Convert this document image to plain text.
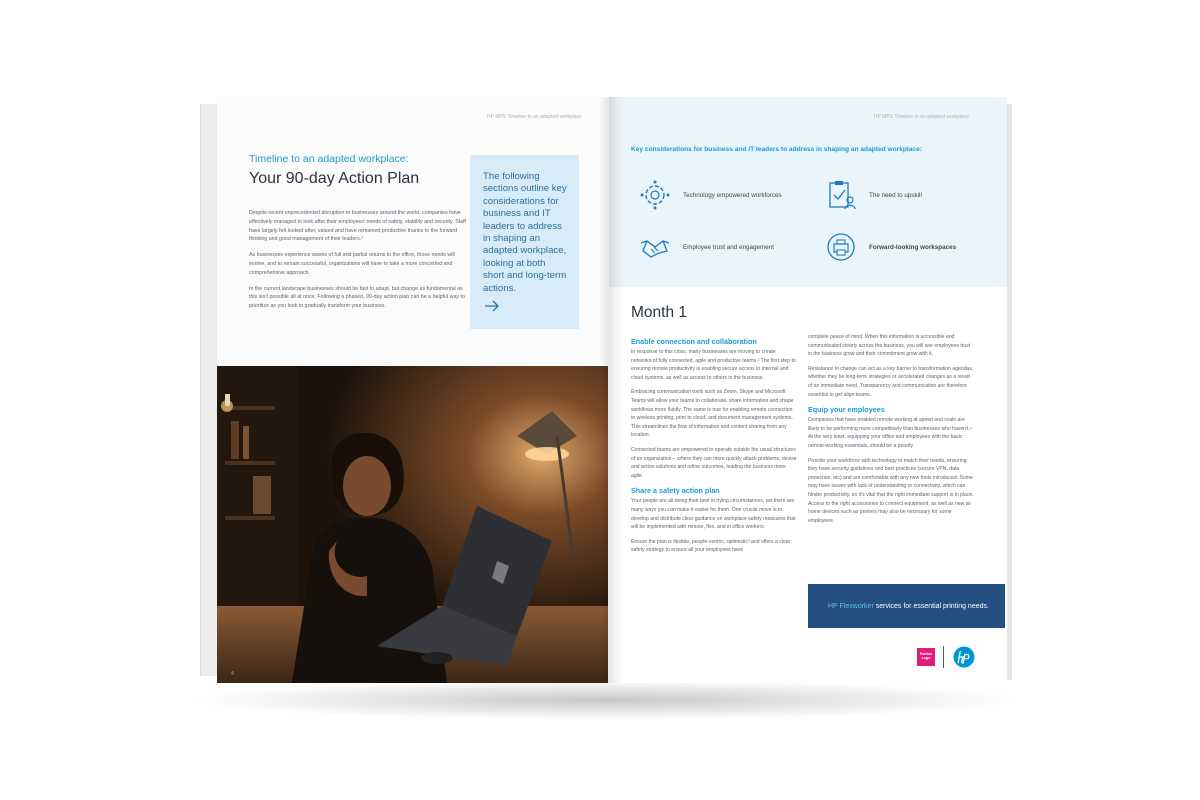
HP MPS Timeline to an adapted workplace
Timeline to an adapted workplace:
Your 90-day Action Plan

Despite recent unprecedented disruption to businesses around the world, companies have effectively managed to look after their employees' needs of safety, stability and security. Staff have largely felt looked after, valued and have remained productive thanks to the forward thinking and good management of their leaders.¹

As businesses experience waves of full and partial returns to the office, those needs will evolve, and to remain successful, organizations will have to take a more concerted and comprehensive approach.

In the current landscape businesses should be fast to adapt, but change as fundamental as this isn't possible all at once. Following a phased, 90-day action plan can be a helpful way to prioritize as you look to gradually transform your business.

The following sections outline key considerations for business and IT leaders to address in shaping an adapted workplace, looking at both short and long-term actions.
4
HP MPS Timeline to an adapted workplace
Key considerations for business and IT leaders to address in shaping an adapted workplace:
Technology empowered workforces	The need to upskill
Employee trust and engagement	Forward-looking workspaces
Month 1
Enable connection and collaboration

In response to this crisis, many businesses are moving to create networks of fully connected, agile and productive teams.² The first step to ensuring remote productivity is enabling secure access to internal and cloud systems, as well as access to others in the business.

Embracing communication tools such as Zoom, Skype and Microsoft Teams will allow your teams to collaborate, share information and shape workflows more fluidly. The same is true for enabling remote connection to wireless printing, print to cloud, and document management systems. This streamlines the flow of information and content sharing from any location.

Connected teams are empowered to operate outside the usual structures of an organization – where they can more quickly attack problems, devise and action solutions and refine outcomes, leading the business more agile.

Share a safety action plan

Your people are all doing their best in trying circumstances, yet there are many ways you can make it easier for them. One crucial move is to develop and distribute clear guidance on workplace safety measures that will be implemented with remote, flex, and in office workers.

Ensure the plan is flexible, people-centric, optimistic³ and offers a clear safety strategy to ensure all your employees have

complete peace of mind. When this information is accessible and communicated clearly across the business, you will see employees trust in the business grow and their commitment grow with it.

Resistance to change can act as a key barrier to transformation agendas, whether they be long-term strategies or accelerated changes as a result of an immediate need. Transparency and communication are therefore essential to get align teams.

Equip your employees

Companies that have enabled remote working at speed and scale are likely to be performing more competitively than businesses who haven't.⁴ At the very least, equipping your office and employees with the basic remote-working essentials, should be a priority.

Provide your workforce with technology to match their needs, ensuring they have security guidelines and best practices (secure VPN, data protection, etc) and are comfortable with any new tools introduced. Some may have issues with lack of understanding or connectivity, which can hinder productivity, so it's vital that the right immediate support is in place. Access to the right accessories to connect equipment, as well as new at-home devices such as printers may also be necessary for some employees.

HP Flexworker services for essential printing needs.
Partner Logo
